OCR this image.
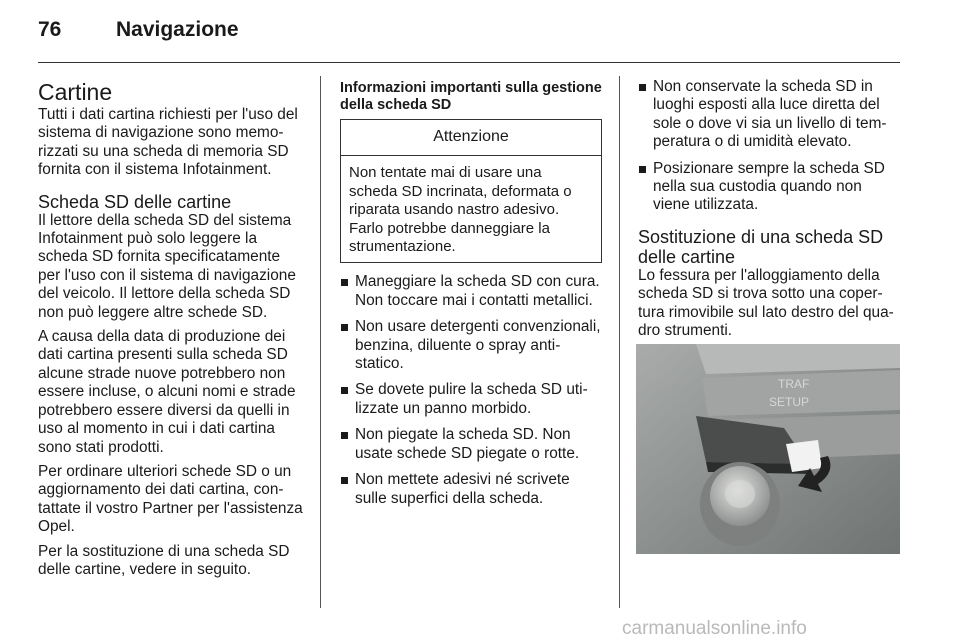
76	Navigazione
Cartine

Tutti i dati cartina richiesti per l'uso del sistema di navigazione sono memorizzati su una scheda di memoria SD fornita con il sistema Infotainment.

Scheda SD delle cartine

Il lettore della scheda SD del sistema Infotainment può solo leggere la scheda SD fornita specificatamente per l'uso con il sistema di navigazione del veicolo. Il lettore della scheda SD non può leggere altre schede SD.

A causa della data di produzione dei dati cartina presenti sulla scheda SD alcune strade nuove potrebbero non essere incluse, o alcuni nomi e strade potrebbero essere diversi da quelli in uso al momento in cui i dati cartina sono stati prodotti.

Per ordinare ulteriori schede SD o un aggiornamento dei dati cartina, contattate il vostro Partner per l'assistenza Opel.

Per la sostituzione di una scheda SD delle cartine, vedere in seguito.

Informazioni importanti sulla gestione della scheda SD
Attenzione
Non tentate mai di usare una scheda SD incrinata, deformata o riparata usando nastro adesivo. Farlo potrebbe danneggiare la strumentazione.
Maneggiare la scheda SD con cura. Non toccare mai i contatti metallici.
Non usare detergenti convenzionali, benzina, diluente o spray antistatico.
Se dovete pulire la scheda SD utilizzate un panno morbido.
Non piegate la scheda SD. Non usate schede SD piegate o rotte.
Non mettete adesivi né scrivete sulle superfici della scheda.
Non conservate la scheda SD in luoghi esposti alla luce diretta del sole o dove vi sia un livello di temperatura o di umidità elevato.
Posizionare sempre la scheda SD nella sua custodia quando non viene utilizzata.
Sostituzione di una scheda SD delle cartine

Lo fessura per l'alloggiamento della scheda SD si trova sotto una copertura rimovibile sul lato destro del quadro strumenti.

TRAF
SETUP
carmanualsonline.info
